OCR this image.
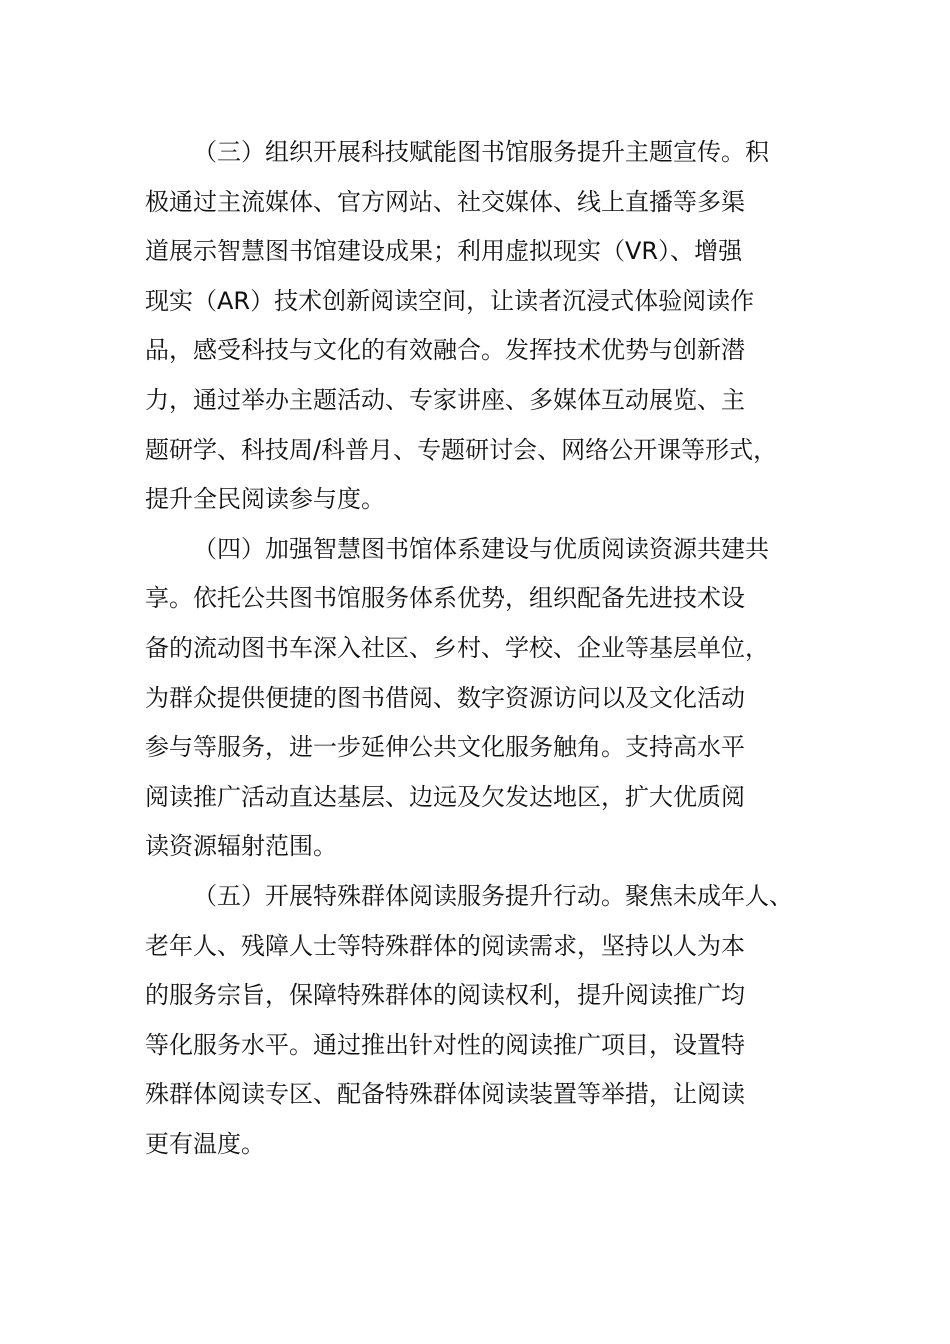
（三）组织开展科技赋能图书馆服务提升主题宣传。积
极通过主流媒体、官方网站、社交媒体、线上直播等多渠
道展示智慧图书馆建设成果；利用虚拟现实（VR）、增强
现实（AR）技术创新阅读空间，让读者沉浸式体验阅读作
品，感受科技与文化的有效融合。发挥技术优势与创新潜
力，通过举办主题活动、专家讲座、多媒体互动展览、主
题研学、科技周/科普月、专题研讨会、网络公开课等形式，
提升全民阅读参与度。
（四）加强智慧图书馆体系建设与优质阅读资源共建共
享。依托公共图书馆服务体系优势，组织配备先进技术设
备的流动图书车深入社区、乡村、学校、企业等基层单位，
为群众提供便捷的图书借阅、数字资源访问以及文化活动
参与等服务，进一步延伸公共文化服务触角。支持高水平
阅读推广活动直达基层、边远及欠发达地区，扩大优质阅
读资源辐射范围。
（五）开展特殊群体阅读服务提升行动。聚焦未成年人、
老年人、残障人士等特殊群体的阅读需求，坚持以人为本
的服务宗旨，保障特殊群体的阅读权利，提升阅读推广均
等化服务水平。通过推出针对性的阅读推广项目，设置特
殊群体阅读专区、配备特殊群体阅读装置等举措，让阅读
更有温度。
